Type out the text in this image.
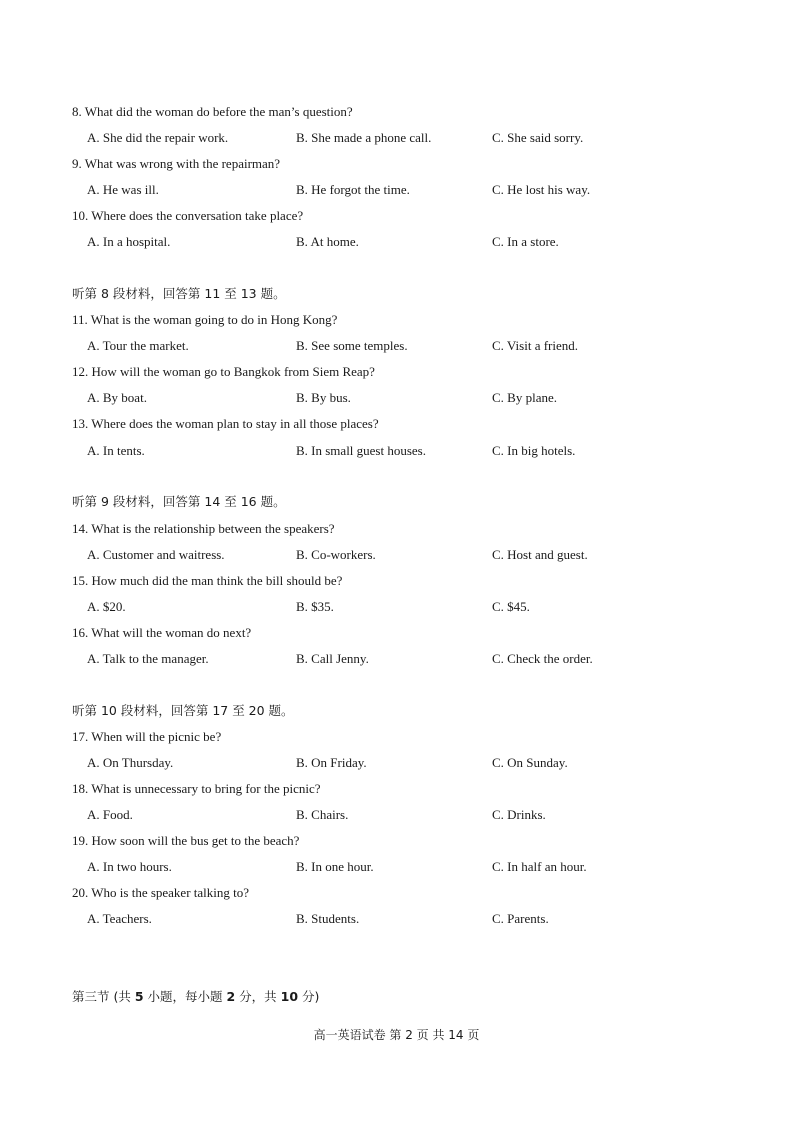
8. What did the woman do before the man’s question?
A. She did the repair work.	B. She made a phone call.	C. She said sorry.
9. What was wrong with the repairman?
A. He was ill.	B. He forgot the time.	C. He lost his way.
10. Where does the conversation take place?
A. In a hospital.	B. At home.	C. In a store.
听第 8 段材料，回答第 11 至 13 题。
11. What is the woman going to do in Hong Kong?
A. Tour the market.	B. See some temples.	C. Visit a friend.
12. How will the woman go to Bangkok from Siem Reap?
A. By boat.	B. By bus.	C. By plane.
13. Where does the woman plan to stay in all those places?
A. In tents.	B. In small guest houses.	C. In big hotels.
听第 9 段材料，回答第 14 至 16 题。
14. What is the relationship between the speakers?
A. Customer and waitress.	B. Co-workers.	C. Host and guest.
15. How much did the man think the bill should be?
A. $20.	B. $35.	C. $45.
16. What will the woman do next?
A. Talk to the manager.	B. Call Jenny.	C. Check the order.
听第 10 段材料，回答第 17 至 20 题。
17. When will the picnic be?
A. On Thursday.	B. On Friday.	C. On Sunday.
18. What is unnecessary to bring for the picnic?
A. Food.	B. Chairs.	C. Drinks.
19. How soon will the bus get to the beach?
A. In two hours.	B. In one hour.	C. In half an hour.
20. Who is the speaker talking to?
A. Teachers.	B. Students.	C. Parents.
第三节 (共 5 小题，每小题 2 分，共 10 分)
高一英语试卷 第 2 页 共 14 页
